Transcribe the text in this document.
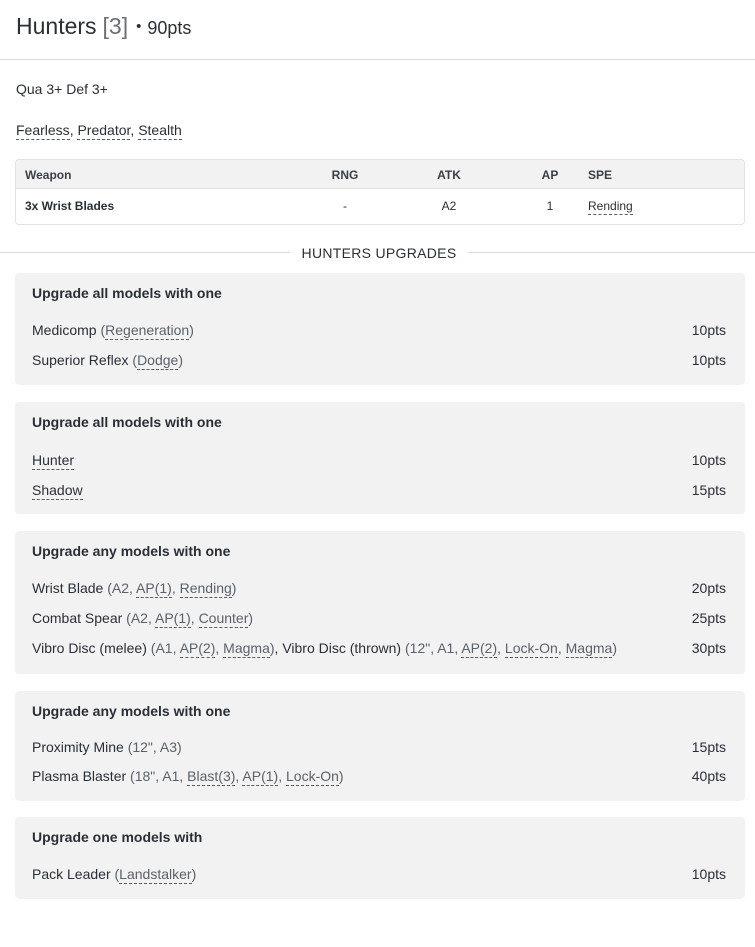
Hunters [3] • 90pts
Qua 3+ Def 3+
Fearless, Predator, Stealth
Weapon	RNG	ATK	AP	SPE
3x Wrist Blades	-	A2	1	Rending
HUNTERS UPGRADES
Upgrade all models with one
Medicomp (Regeneration)	10pts
Superior Reflex (Dodge)	10pts
Upgrade all models with one
Hunter	10pts
Shadow	15pts
Upgrade any models with one
Wrist Blade (A2, AP(1), Rending)	20pts
Combat Spear (A2, AP(1), Counter)	25pts
Vibro Disc (melee) (A1, AP(2), Magma), Vibro Disc (thrown) (12", A1, AP(2), Lock-On, Magma)	30pts
Upgrade any models with one
Proximity Mine (12", A3)	15pts
Plasma Blaster (18", A1, Blast(3), AP(1), Lock-On)	40pts
Upgrade one models with
Pack Leader (Landstalker)	10pts
